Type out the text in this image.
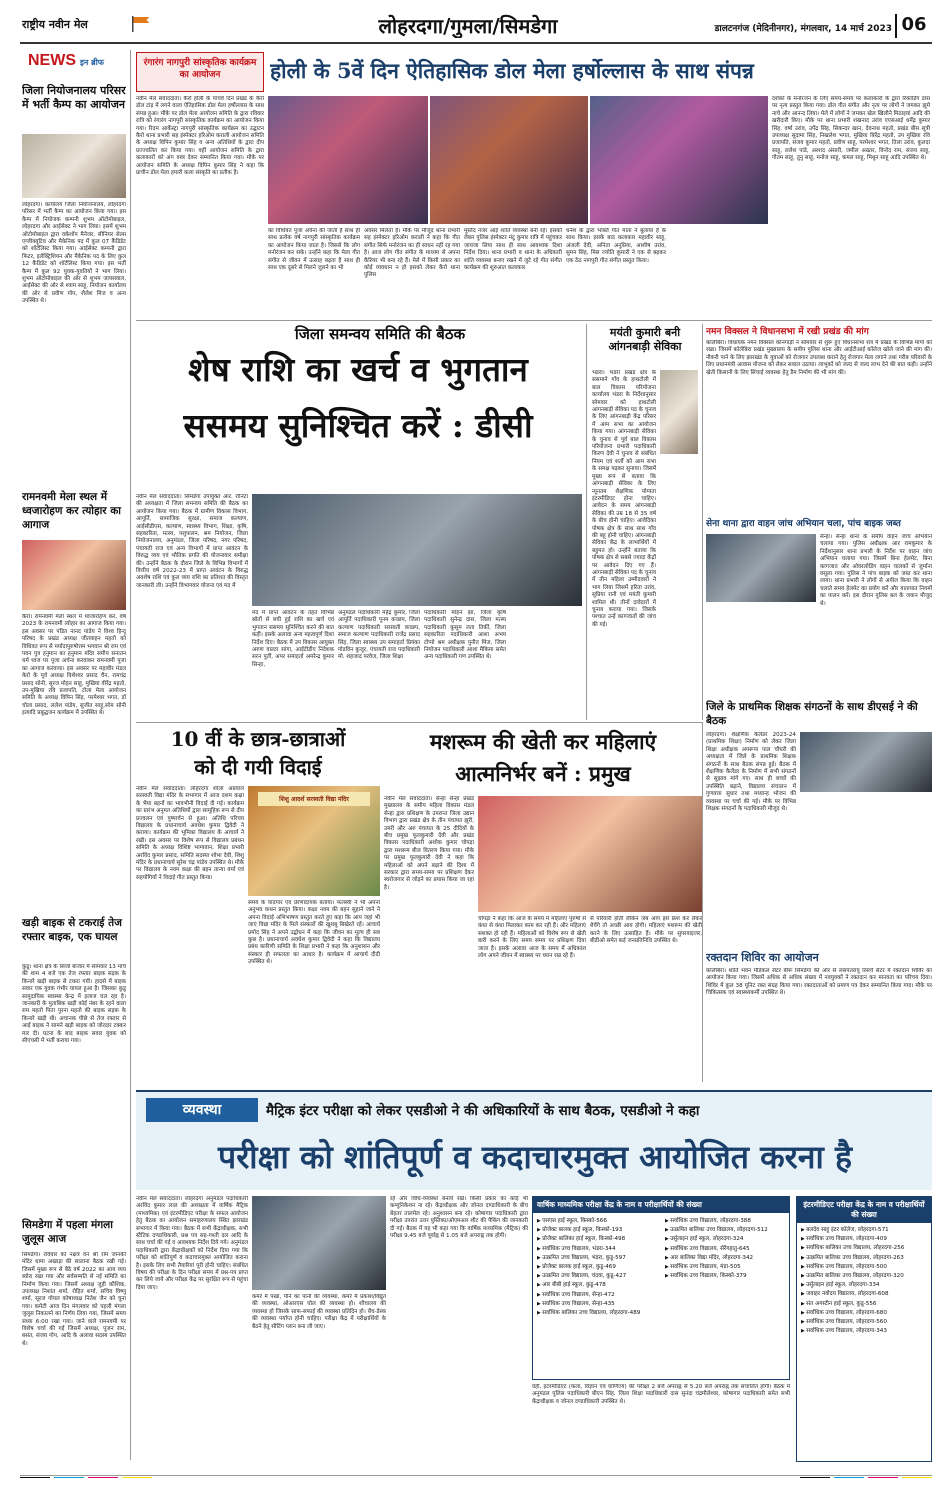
राष्ट्रीय नवीन मेल	लोहरदगा/गुमला/सिमडेगा	डालटनगंज (मेदिनीनगर), मंगलवार, 14 मार्च 2023 06
NEWS इन ब्रीफ
जिला नियोजनालय परिसर में भर्ती कैम्प का आयोजन
लोहरदगा। कार्यालय जिला नियोजनालय, लोहरदगा परिसर में भर्ती कैम्प का आयोजन किया गया। इस कैम्प में नियोजक कम्पनी शुभम ऑटोमोबाइल, लोहरदगा और आईसेक्ट ने भाग लिया। इसमें शुभम ऑटोमोबाइल द्वारा वर्कशॉप मैनेजर, सीनियर सेल्स एग्जीक्यूटिव और मैकेनिक पद में कुल 07 कैंडिडेट को शॉर्टलिस्ट किया गया। आईसेक्ट कम्पनी द्वारा फिटर, इलेक्ट्रिशियन और मैकेनिक पद के लिए कुल 12 कैंडिडेट को शॉर्टलिस्ट किया गया। इस भर्ती कैम्प में कुल 92 युवक-युवतियों ने भाग लिया। शुभम ऑटोमोबाइल की ओर से शुभम जायसवाल, आईसेक्ट की ओर से श्याम साहू, नियोजन कार्यालय की ओर से प्रवीण गोप, शैलेश मिंज व अन्य उपस्थित थे।
रामनवमी मेला स्थल में ध्वजारोहण कर त्योहार का आगाज
कैरो। रामनवमी मेला स्थल में ध्वजारोहण कर, वर्ष 2023 के रामनवमी त्योहार का आगाज किया गया। इस अवसर पर पंडित नानद पांडेय ने विश्व हिन्दू परिषद के प्रखंड अध्यक्ष जीतवाहन महतो को विधिवत रूप से मर्यादापुरुषोत्तम भगवान श्री राम एवं पवन पुत्र हनुमान का हनुमान मंदिर समीप सनातन धर्म ध्वज पर पूजा अर्चना करवाकर रामनवमी पूजा का आगाज करवाया। इस अवसर पर महावीर मंडल केरो के पूर्व अध्यक्ष विशेश्वर प्रसाद चैन, रामचंद्र प्रसाद सोनी, सूरज मोहन साहू, मुखिया वीरेंद्र महतो, उप-मुखिया रवि प्रजापति, टोला मेला आयोजन समिति के अध्यक्ष विपिन सिंह, परमेश्वर भगत, डॉ चोला प्रसाद, ललेश पांडेय, सुजीत साहू,सोम सोनी इत्यादि प्रबुद्धजन कार्यक्रम में उपस्थित थे।
खड़ी बाइक से टकराई तेज रफ्तार बाइक, एक घायल
कुडू। थाना क्षेत्र के सिंजो बाजार में सोमवार 13 मार्च की शाम 4 बजे एक तेज रफ्तार बाइक सड़क के किनारे खड़ी बाइक से टकरा गयी। हादसे में बाइक सवार एक युवक गंभीर घायल हुआ है। जिसका कुडू सामुदायिक स्वास्थ्य केन्द्र में इलाज चल रहा है। जानकारी के मुताबिक खड़ी कोई नंबर के रहने वाला राम महतो पिता पुरना महतो की बाइक सड़क के किनारे खड़ी थी। अचानक पीछे से तेज रफ्तार से आई बाइक ने सामने खड़ी बाइक को जोरदार टक्कर मार दी। घटना के बाद बाइक सवार युवक को सीएचसी में भर्ती कराया गया।
सिमडेगा में पहला मंगला जुलूस आज
सिमडेगा। रविवार को नक्षत्र वन श्री राम जानकी मंदिर धामा अखाड़ा की सालाना बैठक रखी गई। जिसमें मुख्य रूप से बैठे वर्ष 2022 का आय व्यय ब्योरा रखा गया और सर्वसम्मति से नई समिति का निर्माण किया गया। जिसमें अध्यक्ष जुही कौशिक, उपाध्यक्ष निशांत शर्मा, रोहित शर्मा, सचिव विष्णु शर्मा, सूरज गोयल कोषाध्यक्ष नितेश जैन को चुना गया। कमेटी आज दिन मंगलवार को पहली मंगला जुलूस निकालने का निर्णय लिया गया, जिसमें समय संध्या 6:00 रखा गया। जाने वाले रामनवमी पर विशेष चर्चा की गई जिसमें अध्यक्ष, पूजन राम, बसंत, संजय गोप, आदि के अलावा सदस्य उपस्थित थे।
रंगारंग नागपुरी सांस्कृतिक कार्यक्रम का आयोजन	होली के 5वें दिन ऐतिहासिक डोल मेला हर्षोल्लास के साथ संपन्न
नवीन मेल संवाददाता। कैरो होली के पांचवें दिन प्रखंड के कैरो डोल टांड़ में लगने वाला ऐतिहासिक डोल मेला हर्षोल्लास के साथ संपन्न हुआ। मौके पर डोल मेला आयोजन समिति के द्वारा रविवार रात्रि को रंगारंग नागपुरी सांस्कृतिक कार्यक्रम का आयोजन किया गया। रिदम आर्केस्ट्रा नागपुरी सांस्कृतिक कार्यक्रम का उद्घाटन कैरो थाना प्रभारी सह इंस्पेक्टर हरिओम कराली आयोजन समिति के अध्यक्ष विपिन कुमार सिंह व अन्य अतिथियों के द्वारा दीप प्रज्ज्वलित कर किया गया। वहीं आयोजन समिति के द्वारा कलाकारों को अंग वस्त्र देकर सम्मानित किया गया। मौके पर आयोजन समिति के अध्यक्ष विपिन कुमार सिंह ने कहा कि प्राचीन डोल मेला हमारी कला संस्कृति का प्रतीक है।
का विधिवत पूजा अर्चना की जाती है साथ ही साथ प्रत्येक वर्ष नागपुरी सांस्कृतिक कार्यक्रम का आयोजन किया जाता है। जिससे कि लोग मनोरंजन कर सके। उन्होंने कहा कि मेला गीत संगीत से जीवन में उत्साह बढ़ता है साथ ही साथ एक दूसरे से मिलने जुलने का भी
अवसर मिलता है। मौके पर मौजूद थाना प्रभारी सह इंस्पेक्टर हरिओम कराली ने कहा कि गीत संगीत सिर्फ मनोरंजन का ही साधन नहीं रह गया है। आज लोग गीत संगीत के माध्यम से अपना कैरियर भी बना रहे हैं। मेले में किसी प्रकार का कोई व्यवधान न हो इसको लेकर कैरो थाना पुलिस
मुस्तैद नजर आई शांति व्यवस्था बनी रहे। इसको लेकर पुलिस इंस्पेक्टर मंटू कुमार रात्रि में पहुंचकर जायजा लिया साथ ही साथ आवश्यक दिशा निर्देश दिया। थाना प्रभारी व थाना के अधिकारी शांति व्यवस्था बनाए रखने में जुटे रहे गीत संगीत कार्यक्रम की शुरुआत कलाकार
धनेश के द्वारा भक्ति गीत माता ने बुलाया है के साथ किया। इसके बाद कलाकार महावीर साहू, अंजली देवी, अनिता अनुप्रिया, आशीष उरांव, सुमन सिंह, मिस ज्योति कुमारी ने एक से बढ़कर एक ठेठ नागपुरी गीत संगीत प्रस्तुत किया।
दर्शकों के मनोरंजन के लिए समय-समय पर कलाकारों के द्वारा रिकॉर्डिंग डांस पर नृत्य प्रस्तुत किया गया। डोल गीत संगीत और नृत्य पर लोगों ने जमकर झूमे नाचे और आनन्द लिया। मेले में लोगों ने जमकर खेल खिलौने मिठाइयां आदि की खरीदारी किए। मौके पर थाना प्रभारी शंखनाद उरांव एएसआई धर्मेंद्र कुमार सिंह, वर्षा उरांव, उपेंद्र सिंह, सिकन्दर खान, देवनाथ महतो, प्रखंड बीस सूत्री उपाध्यक्ष सुदामा सिंह, निखलेश भगत, मुखिया बिरेंद्र महतो, उप मुखिया रवि प्रजापति, संजय कुमार महतो, प्रवीण साहू, परमेश्वर भगत, तिला उरांव, कुलदा साहू, ललेश पांडे, अरशद अंसारी, जमील अख्तर, विनोद राम, संजय साहू, गौतम साहू, तुनु साहू, मनोज साहू, कमल साहू, मिथुन साहू आदि उपस्थित थे।
जिला समन्वय समिति की बैठक
शेष राशि का खर्च व भुगतान
ससमय सुनिश्चित करें : डीसी
नवीन मेल संवाददाता। सिमडेगा उपायुक्त आर. रॉनिटा की अध्यक्षता में जिला समन्वय समिति की बैठक का आयोजन किया गया। बैठक में ग्रामीण विकास विभाग, आपूर्ति, सामाजिक सुरक्षा, समाज कल्याण, आईसीडीएस, कल्याण, स्वास्थ्य विभाग, शिक्षा, कृषि, सहकारिता, मत्स्य, पशुपालन, श्रम नियोजन, जिला नियोजनालय, अनुमंडल, जिला परिषद, नगर परिषद, पंचायती राज एवं अन्य विभागों में प्राप्त आवंटन के विरुद्ध व्यय एवं भौतिक प्रगति की योजनावार समीक्षा की। उन्होंने बैठक के दौरान जिले के विभिन्न विभागों में वित्तीय वर्ष 2022-23 में प्राप्त आवंटन के विरुद्ध अवशेष राशि एवं कुल व्यय राशि का प्रतिशत की विस्तृत जानकारी ली। उन्होंने विभागवार योजना एवं मद में
मद में प्राप्त आवंटन के तहत विभिन्न स्रोतों से बची हुई राशि का खर्च एवं भुगतान ससमय सुनिश्चित करने की बात कहीं। इसके अलावा अन्य महत्वपूर्ण दिशा निर्देश दिए। बैठक में उप विकास आयुक्त अरुण वाल्टर सांगा, आईटीडीए निदेशक सरन पुर्ती, अपर समाहर्ता अमरेन्द्र कुमार सिन्हा,
अनुमंडल पदाधिकारी महेंद्र कुमार, जिला आपूर्ति पदाधिकारी पूनम कच्छप, जिला कल्याण पदाधिकारी सरस्वती कच्छप, समाज कल्याण पदाधिकारी राजेंद्र प्रसाद सिंह, जिला स्वास्थ्य उप समाहर्ता प्रियंका गोडविन कुजूर, पंचायती राज पदाधिकारी मो. शहजाद परवेज, जिला शिक्षा
पदाधिकारी मोहन झा, जिला कृषि पदाधिकारी सुनेन्द्र दास, जिला मत्स्य पदाधिकारी कुसुम लता तिर्की, जिला सहकारिता पदाधिकारी आशा अभय टोप्पो श्रम अधीक्षक पुनीत मिंज, जिला नियोजन पदाधिकारी आशा मैकिमा समेत अन्य पदाधिकारी गण उपस्थित थे।
मयंती कुमारी बनी आंगनबाड़ी सेविका
भंडरा। भंडरा प्रखंड क्षेत्र के ससमाने गाँव के हाथटोली में बाल विकास परियोजना कार्यालय भंडरा के निर्देशानुसार सोमवार को हाथटोली आंगनबाड़ी सेविका पद के चुनाव के लिए आंगनबाड़ी केंद्र परिसर में आम सभा का आयोजन किया गया। आंगनबाड़ी सेविका के चुनाव से पूर्व बाल विकास परियोजना प्रभारी पदाधिकारी किरण देवी ने चुनाव से संबंधित नियम एवं शर्तों को आम सभा के समक्ष पढ़कर सुनाया। जिसमें मुख्य रूप से बताया कि आंगनबाड़ी सेविका के लिए न्यूनतम शैक्षणिक योग्यता इंटरमीडिएट होना चाहिए। आवेदन के समय आंगनबाड़ी सेविका की उम्र 18 से 35 वर्ष के बीच होनी चाहिए। आवेदिका पोषक क्षेत्र के साथ साथ गाँव की बहू होनी चाहिए। आंगनबाड़ी सेविका केंद्र के लाभार्थियों में बहुमत हो। उन्होंने बताया कि पोषक क्षेत्र से सबसे ज्यादा केंद्रों पर आवेदन दिए गए हैं। आंगनबाड़ी सेविका पद के चुनाव में तीन महिला उम्मीदवारों ने भाग लिया जिसमें हरिता उरांव, सुप्रिया रानी एवं मयंती कुमारी शामिल थी। तीनों दावेदारों में चुनाव कराया गया। जिसके पश्चात उन्हें कागजातों की जांच की गई।
नमन विक्सल ने विधानसभा में रखी प्रखंड की मांग
कोलेबिरा। विधायक नमन विक्सल कोनगाड़ी ने सोमवार से शुरू हुए विधानसभा सत्र में प्रखंड के विभिन्न मांगों को रखा। जिसमें कोलेबिरा प्रखंड मुख्यालय के समीप पुलिस थाना और आईटीआई कॉलेज खोले जाने की मांग की। नौकरी पाने के लिए झारखंड के युवाओं को रोजगार उपलब्ध कराने हेतु रोजगार मेला लगाने तथा गरीब परिवारों के लिए प्रधानमंत्री आवास योजना को लेकर सवाल उठाया। लाभुकों को जल्द से जल्द लाभ देने की बात कही। उन्होंने खेती किसानी के लिए सिंचाई व्यवस्था हेतु डैम निर्माण की भी मांग की।
सेना थाना द्वारा वाहन जांच अभियान चला, पांच बाइक जब्त
सेन्हा। सेन्हा थाना के समीप वाहन जांच अभियान चलाया गया। पुलिस अधीक्षक आर रामकुमार के निर्देशानुसार थाना प्रभारी के निर्देश पर वाहन जांच अभियान चलाया गया। जिसमें बिना हेलमेट, बिना कागजात और ओवरलोडिंग वाहन चालकों से जुर्माना वसूला गया। पुलिस ने पांच बाइक को जब्त कर थाना लाया। थाना प्रभारी ने लोगों से अपील किया कि वाहन चलाते समय हेलमेट का प्रयोग करें और यातायात नियमों का पालन करें। इस दौरान पुलिस बल के जवान मौजूद थे।
जिले के प्राथमिक शिक्षक संगठनों के साथ डीएसई ने की बैठक
लोहरदगा। शैक्षणिक कैलेंडर 2023-24 (प्राथमिक शिक्षा) निर्माण को लेकर जिला शिक्षा अधीक्षक अपरूपा पाल चौधरी की अध्यक्षता में जिले के प्राथमिक शिक्षक संगठनों के साथ बैठक संपन्न हुई। बैठक में शैक्षणिक कैलेंडर के निर्माण में सभी संगठनों से सुझाव मांगे गए। साथ ही बच्चों की उपस्थिति बढ़ाने, विद्यालय संचालन में गुणवत्ता सुधार तथा मध्यान्ह भोजन की व्यवस्था पर चर्चा की गई। मौके पर विभिन्न शिक्षक संगठनों के पदाधिकारी मौजूद थे।
रक्तदान शिविर का आयोजन
कोलेबिरा। शांति भवन मेडिकल सेंटर बीरू सिमडेगा की ओर से लसपतरापु रिसर्च सेंटर में रक्तदान शिविर का आयोजन किया गया। जिसमें अधिक से अधिक संख्या में नवयुवकों ने रक्तदान कर मानवता का परिचय दिया। शिविर में कुल 38 यूनिट रक्त संग्रह किया गया। रक्तदाताओं को प्रमाण पत्र देकर सम्मानित किया गया। मौके पर चिकित्सक एवं स्वास्थ्यकर्मी उपस्थित थे।
10 वीं के छात्र-छात्राओं
को दी गयी विदाई
नवीन मेल संवाददाता। लोहरदगा शीला अग्रवाल सरस्वती विद्या मंदिर के सभागार में आज दशम कक्षा के भैया बहनों का भावभीनी विदाई दी गई। कार्यक्रम का प्रारंभ अनुमत अतिथियों द्वारा सामूहिक रूप से दीप प्रज्वलन एवं पुष्पार्चन से हुआ। अतिथि परिचय विद्यालय के प्रधानाचार्य अवधेश कुमार द्विवेदी ने कराया। कार्यक्रम की भूमिका विद्यालय के आचार्य ने रखी। इस अवसर पर विशेष रूप से विद्यालय प्रबंधन समिति के अध्यक्ष विशिष्ट भाग्यवान, शिक्षा प्रभारी अरविंद कुमार प्रसाद, समिति सदस्या शोभा देवी, शिशु मंदिर के प्रधानाचार्य सुरेश चंद्र पांडेय उपस्थित थे। मौके पर विद्यालय के नवम कक्षा की बहन तान्या वर्मा एवं सहयोगियों ने विदाई गीत प्रस्तुत किया।
शिशु आदर्श सरस्वती विद्या मंदिर
समय के यादगार एवं प्रेरणादायक बताया। फलस्वी ने भी अपना अनुभव कथन प्रस्तुत किया। कक्षा नवम की बहन सुहाने जाने ने अपना विदाई अभिभाषण प्रस्तुत करते हुए कहा कि आप जहां भी जाएं विद्या मंदिर के मिले संस्कारों की खुशबू बिखेरते रहें। आचार्य प्रमोद सिंह ने अपने उद्बोधन में कहा कि जीवन का मूल्य ही सब कुछ है। प्रधानाचार्य अवधेश कुमार द्विवेदी ने कहा कि विद्यालय प्रबंध कारिणी समिति के शिक्षा प्रभारी ने कहा कि अनुशासन और संस्कार ही सफलता का आधार है। कार्यक्रम में आचार्य दीदी उपस्थित थे।
मशरूम की खेती कर महिलाएं
आत्मनिर्भर बनें : प्रमुख
नवीन मेल संवाददाता। सेन्हा सेन्हा प्रखंड मुख्यालय के समीप महिला विकास मंडल सेन्हा द्वारा प्रशिक्षण के उपरान्त जिला उद्यान विभाग द्वारा प्रखंड क्षेत्र के तीन पंचायत झुरी, उमरी और अरु पंचायत के 25 दीदियों के बीच प्रमुख फूलकुमारी देवी और प्रखंड विकास पदाधिकारी अशोक कुमार चोपड़ा द्वारा मशरूम बीज वितरण किया गया। मौके पर प्रमुख फूलकुमारी देवी ने कहा कि महिलाओं को अपने बढ़ाने की दिशा में सरकार द्वारा समय-समय पर प्रशिक्षण देकर स्वरोजगार से जोड़ने का प्रयास किया जा रहा है।
चोपड़ा ने कहा कि आज के समय में महिलाएं पुरुषों से कंधा से कंधा मिलाकर काम कर रही हैं। और महिलाएं सशक्त हो रही हैं। महिलाओं को विशेष रूप से खेती बारी करने के लिए समय समय पर प्रशिक्षण दिया जाता है। इसके अलावा आज के समय में अधिकांश लोग अपने जीवन में स्वास्थ्य पर ध्यान रख रहे हैं।
से परिवारी होती लेकिन जब आप इसे फ्रेश कर लेकर बेचेंगे तो अच्छी आय होगी। महिलाएं मशरूम की खेती करने के लिए उत्साहित हैं। मौके पर सुपरवाइजर, बीडीओ समेत कई जनप्रतिनिधि उपस्थित थे।
व्यवस्था	मैट्रिक इंटर परीक्षा को लेकर एसडीओ ने की अधिकारियों के साथ बैठक, एसडीओ ने कहा
परीक्षा को शांतिपूर्ण व कदाचारमुक्त आयोजित करना है
नवीन मेल संवाददाता। लोहरदगा अनुमंडल पदाधिकारी अरविंद कुमार लाल की अध्यक्षता में वार्षिक मैट्रिक (माध्यमिक) एवं इंटरमीडिएट परीक्षा के सफल आयोजन हेतु बैठक का आयोजन समाहरणालय स्थित झारखंड सभागार में किया गया। बैठक में सभी केंद्राधीक्षक, सभी स्टैटिक दण्डाधिकारी, प्रश्न पत्र सह-गश्ती दल आदि के साथ चर्चा की गई व आवश्यक निर्देश दिये गये। अनुमंडल पदाधिकारी द्वारा केंद्राधीक्षकों को निर्देश दिया गया कि परीक्षा को शांतिपूर्ण व कदाचारमुक्त आयोजित कराना है। इसके लिए सभी तैयारियां पूरी होनी चाहिए। संबंधित विषय की परीक्षा के दिन परीक्षा समय में प्रश्न-पत्र प्राप्त कर लिये जाये और परीक्षा केंद्र पर सुरक्षित रूप से पहुंचा दिया जाए।
कमरे में पंखा, पीने का पानी की व्यवस्था, कमरे में प्रकाश/विद्युत की व्यवस्था, ओआरएस घोल की व्यवस्था हो। शौचालय की व्यवस्था हो जिसके साफ-सफाई की व्यवस्था प्रतिदिन हो। बेंच-डेस्क की व्यवस्था पर्याप्त होनी चाहिए। परीक्षा केंद्र में परीक्षार्थियों के बैठने हेतु सीटिंग प्लान बना ली जाए।
रहे और विधि-व्यवस्था बनाये रखें। किसी प्रकार का कोई भी कम्युनिकेशन ना रहे। केंद्राधीक्षक और जोनल दण्डाधिकारी के बीच बेहतर तालमेल रहे। अनुशासन बना रहे। कोषागार पदाधिकारी द्वारा परीक्षा उपरांत उत्तर पुस्तिका/ओएमआर शीट की पैकिंग की जानकारी दी गई। बैठक में यह भी कहा गया कि वार्षिक माध्यमिक (मैट्रिक) की परीक्षा 9.45 बजे पूर्वाह्न से 1.05 बजे अपराह्न तक होगी।
वार्षिक माध्यमिक परीक्षा केंद्र के नाम व परीक्षार्थियों की संख्या
▶ एसएस हाई स्कूल, किस्को-566
▶ प्रोजेक्ट बालक हाई स्कूल, किस्को-193
▶ प्रोजेक्ट बालिका हाई स्कूल, किस्को-498
▶ सर्वाधिक उच्च विद्यालय, भंडरा-344
▶ उत्क्रमित उच्च विद्यालय, भंडरा, कुडू-597
▶ प्रोजेक्ट बालक हाई स्कूल, कुडू-469
▶ उत्क्रमित उच्च विद्यालय, चंदवा, कुडू-427
▶ आर बीबी हाई स्कूल, कुडू-478
▶ सर्वाधिक उच्च विद्यालय, सेन्हा-472
▶ सर्वाधिक उच्च विद्यालय, सेन्हा-435
▶ सर्वाधिक बालिका उच्च विद्यालय, लोहरदगा-489
▶ सर्वाधिक उच्च विद्यालय, लोहरदगा-388
▶ उत्क्रमित बालिका उच्च विद्यालय, लोहरदगा-512
▶ उर्सुलाइन हाई स्कूल, लोहरदगा-324
▶ सर्वाधिक उच्च विद्यालय, सेरेंगहातु-645
▶ आर बालिका विद्या मंदिर, लोहरदगा-342
▶ सर्वाधिक उच्च विद्यालय, मंडा-505
▶ सर्वाधिक उच्च विद्यालय, किस्को-379
वहीं, इंटरमीडिएट (कला, विज्ञान एवं वाणिज्य) की परीक्षा 2 बजे अपराह्न से 5.20 बजे अपराह्न तक संचालित होगी। बैठक में अनुमंडल पुलिस पदाधिकारी बीएन सिंह, जिला शिक्षा पदाधिकारी दास सुनंदा चंद्रमौलेश्वर, कोषागार पदाधिकारी समेत सभी केंद्राधीक्षक व जोनल दण्डाधिकारी उपस्थित थे।
इंटरमीडिएट परीक्षा केंद्र के नाम व परीक्षार्थियों की संख्या
▶ बलदेव साहू इंटर कॉलेज, लोहरदगा-571
▶ सर्वाधिक उच्च विद्यालय, लोहरदगा-409
▶ सर्वाधिक बालिका उच्च विद्यालय, लोहरदगा-256
▶ उत्क्रमित बालिका उच्च विद्यालय, लोहरदगा-263
▶ सर्वाधिक उच्च विद्यालय, लोहरदगा-500
▶ उत्क्रमित बालिका उच्च विद्यालय, लोहरदगा-320
▶ उर्सुलाइन हाई स्कूल, लोहरदगा-334
▶ जवाहर नवोदय विद्यालय, लोहरदगा-608
▶ संत अगस्टीन हाई स्कूल, कुडू-556
▶ सर्वाधिक उच्च विद्यालय, लोहरदगा-680
▶ सर्वाधिक उच्च विद्यालय, लोहरदगा-560
▶ सर्वाधिक उच्च विद्यालय, लोहरदगा-343
